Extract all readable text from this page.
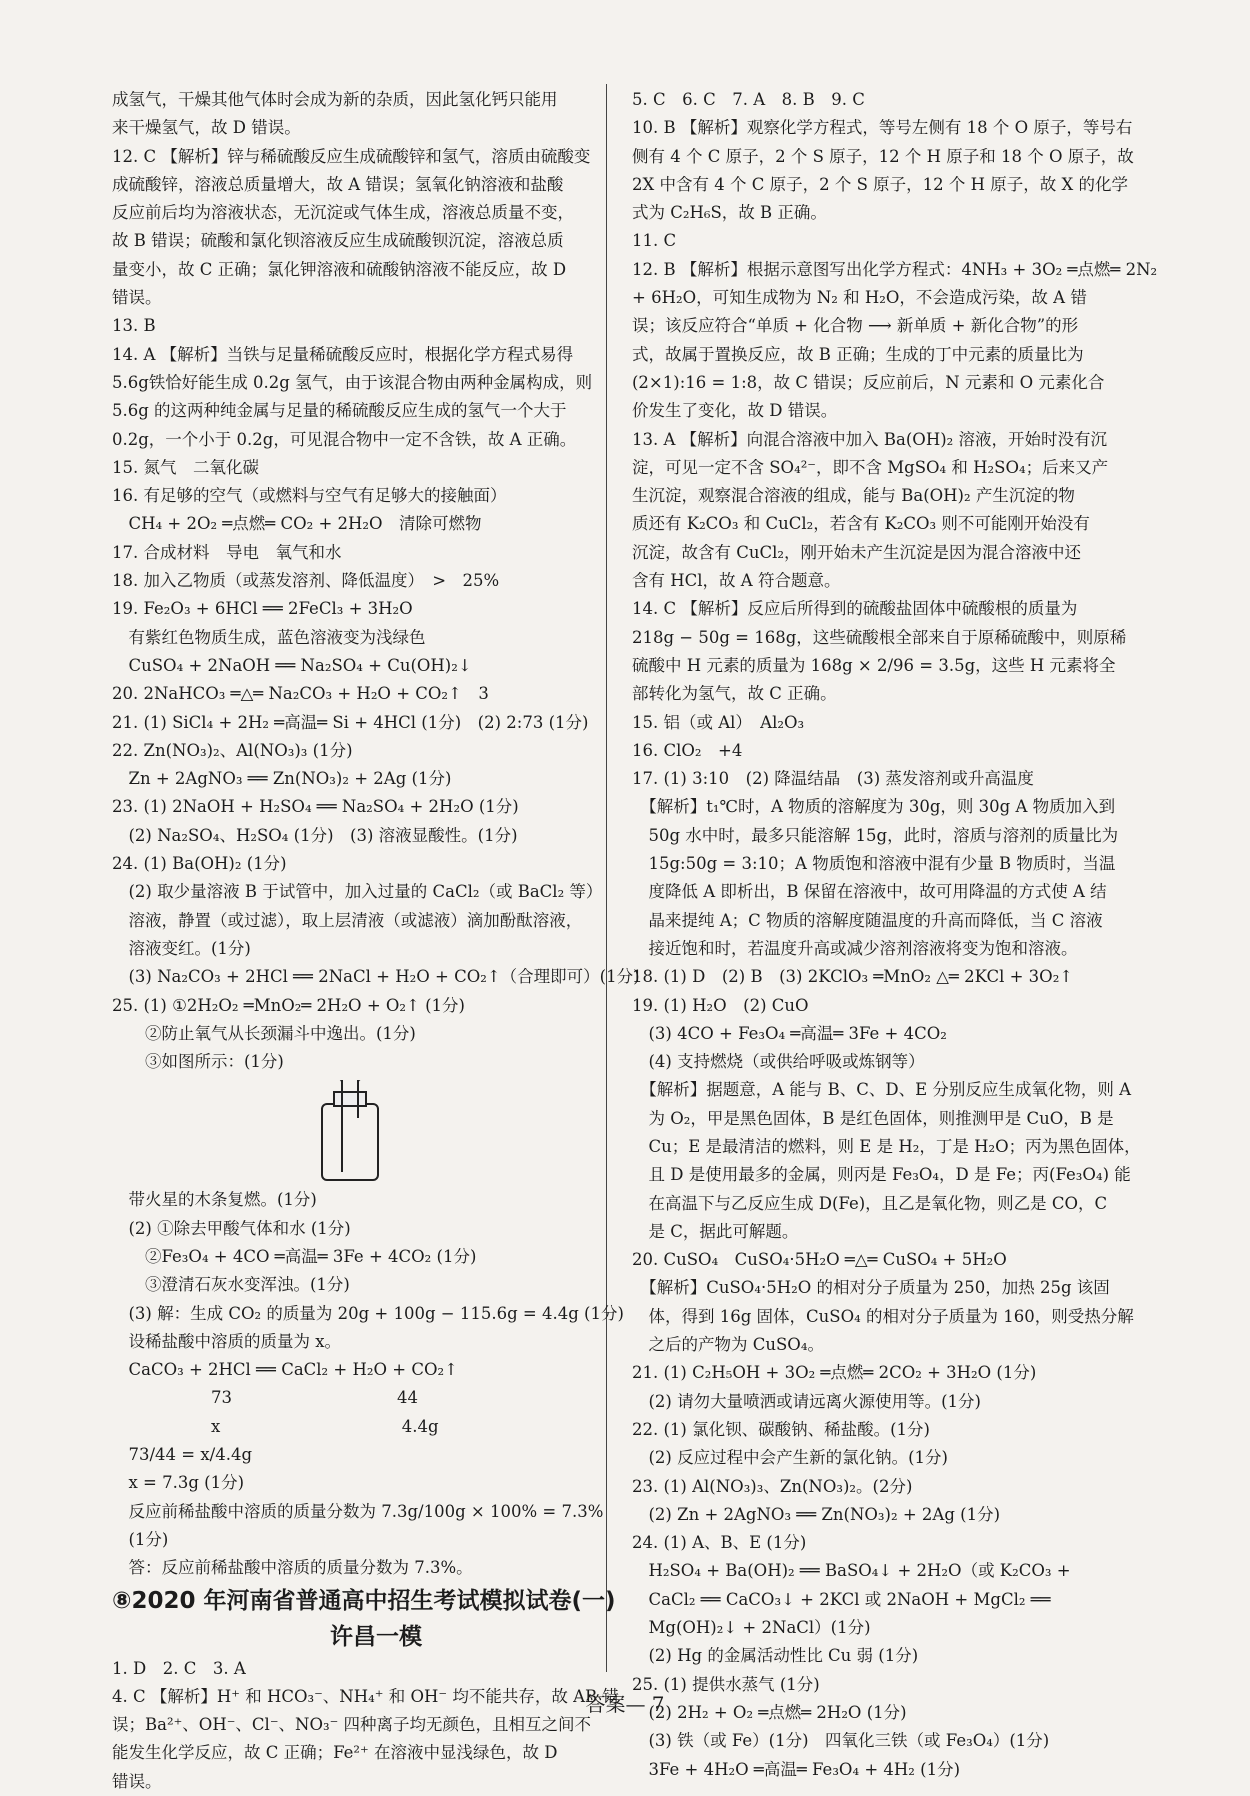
成氢气，干燥其他气体时会成为新的杂质，因此氢化钙只能用
来干燥氢气，故 D 错误。
12. C 【解析】锌与稀硫酸反应生成硫酸锌和氢气，溶质由硫酸变
成硫酸锌，溶液总质量增大，故 A 错误；氢氧化钠溶液和盐酸
反应前后均为溶液状态，无沉淀或气体生成，溶液总质量不变，
故 B 错误；硫酸和氯化钡溶液反应生成硫酸钡沉淀，溶液总质
量变小，故 C 正确；氯化钾溶液和硫酸钠溶液不能反应，故 D
错误。
13. B
14. A 【解析】当铁与足量稀硫酸反应时，根据化学方程式易得
5.6g铁恰好能生成 0.2g 氢气，由于该混合物由两种金属构成，则
5.6g 的这两种纯金属与足量的稀硫酸反应生成的氢气一个大于
0.2g，一个小于 0.2g，可见混合物中一定不含铁，故 A 正确。
15. 氮气　二氧化碳
16. 有足够的空气（或燃料与空气有足够大的接触面）
　CH₄ + 2O₂ ═点燃═ CO₂ + 2H₂O　清除可燃物
17. 合成材料　导电　氧气和水
18. 加入乙物质（或蒸发溶剂、降低温度）　>　25%
19. Fe₂O₃ + 6HCl ══ 2FeCl₃ + 3H₂O
　有紫红色物质生成，蓝色溶液变为浅绿色
　CuSO₄ + 2NaOH ══ Na₂SO₄ + Cu(OH)₂↓
20. 2NaHCO₃ ═△═ Na₂CO₃ + H₂O + CO₂↑　3
21. (1) SiCl₄ + 2H₂ ═高温═ Si + 4HCl (1分)　(2) 2:73 (1分)
22. Zn(NO₃)₂、Al(NO₃)₃ (1分)
　Zn + 2AgNO₃ ══ Zn(NO₃)₂ + 2Ag (1分)
23. (1) 2NaOH + H₂SO₄ ══ Na₂SO₄ + 2H₂O (1分)
　(2) Na₂SO₄、H₂SO₄ (1分)　(3) 溶液显酸性。(1分)
24. (1) Ba(OH)₂ (1分)
　(2) 取少量溶液 B 于试管中，加入过量的 CaCl₂（或 BaCl₂ 等）
　溶液，静置（或过滤），取上层清液（或滤液）滴加酚酞溶液，
　溶液变红。(1分)
　(3) Na₂CO₃ + 2HCl ══ 2NaCl + H₂O + CO₂↑（合理即可）(1分)
25. (1) ①2H₂O₂ ═MnO₂═ 2H₂O + O₂↑ (1分)
　　②防止氧气从长颈漏斗中逸出。(1分)
　　③如图所示：(1分)
　带火星的木条复燃。(1分)
　(2) ①除去甲酸气体和水 (1分)
　　②Fe₃O₄ + 4CO ═高温═ 3Fe + 4CO₂ (1分)
　　③澄清石灰水变浑浊。(1分)
　(3) 解：生成 CO₂ 的质量为 20g + 100g − 115.6g = 4.4g (1分)
　设稀盐酸中溶质的质量为 x。
　CaCO₃ + 2HCl ══ CaCl₂ + H₂O + CO₂↑
　　　　　　73　　　　　　　　　　44
　　　　　　x　　　　　　　　　　　4.4g
　73/44 = x/4.4g
　x = 7.3g (1分)
　反应前稀盐酸中溶质的质量分数为 7.3g/100g × 100% = 7.3%
　(1分)
　答：反应前稀盐酸中溶质的质量分数为 7.3%。
⑧2020 年河南省普通高中招生考试模拟试卷(一)
许昌一模
1. D　2. C　3. A
4. C 【解析】H⁺ 和 HCO₃⁻、NH₄⁺ 和 OH⁻ 均不能共存，故 AB 错
误；Ba²⁺、OH⁻、Cl⁻、NO₃⁻ 四种离子均无颜色，且相互之间不
能发生化学反应，故 C 正确；Fe²⁺ 在溶液中显浅绿色，故 D
错误。
5. C　6. C　7. A　8. B　9. C
10. B 【解析】观察化学方程式，等号左侧有 18 个 O 原子，等号右
侧有 4 个 C 原子，2 个 S 原子，12 个 H 原子和 18 个 O 原子，故
2X 中含有 4 个 C 原子，2 个 S 原子，12 个 H 原子，故 X 的化学
式为 C₂H₆S，故 B 正确。
11. C
12. B 【解析】根据示意图写出化学方程式：4NH₃ + 3O₂ ═点燃═ 2N₂
+ 6H₂O，可知生成物为 N₂ 和 H₂O，不会造成污染，故 A 错
误；该反应符合“单质 + 化合物 ⟶ 新单质 + 新化合物”的形
式，故属于置换反应，故 B 正确；生成的丁中元素的质量比为
(2×1):16 = 1:8，故 C 错误；反应前后，N 元素和 O 元素化合
价发生了变化，故 D 错误。
13. A 【解析】向混合溶液中加入 Ba(OH)₂ 溶液，开始时没有沉
淀，可见一定不含 SO₄²⁻，即不含 MgSO₄ 和 H₂SO₄；后来又产
生沉淀，观察混合溶液的组成，能与 Ba(OH)₂ 产生沉淀的物
质还有 K₂CO₃ 和 CuCl₂，若含有 K₂CO₃ 则不可能刚开始没有
沉淀，故含有 CuCl₂，刚开始未产生沉淀是因为混合溶液中还
含有 HCl，故 A 符合题意。
14. C 【解析】反应后所得到的硫酸盐固体中硫酸根的质量为
218g − 50g = 168g，这些硫酸根全部来自于原稀硫酸中，则原稀
硫酸中 H 元素的质量为 168g × 2/96 = 3.5g，这些 H 元素将全
部转化为氢气，故 C 正确。
15. 铝（或 Al）　Al₂O₃
16. ClO₂　+4
17. (1) 3:10　(2) 降温结晶　(3) 蒸发溶剂或升高温度
　【解析】t₁℃时，A 物质的溶解度为 30g，则 30g A 物质加入到
　50g 水中时，最多只能溶解 15g，此时，溶质与溶剂的质量比为
　15g:50g = 3:10；A 物质饱和溶液中混有少量 B 物质时，当温
　度降低 A 即析出，B 保留在溶液中，故可用降温的方式使 A 结
　晶来提纯 A；C 物质的溶解度随温度的升高而降低，当 C 溶液
　接近饱和时，若温度升高或减少溶剂溶液将变为饱和溶液。
18. (1) D　(2) B　(3) 2KClO₃ ═MnO₂ △═ 2KCl + 3O₂↑
19. (1) H₂O　(2) CuO
　(3) 4CO + Fe₃O₄ ═高温═ 3Fe + 4CO₂
　(4) 支持燃烧（或供给呼吸或炼钢等）
　【解析】据题意，A 能与 B、C、D、E 分别反应生成氧化物，则 A
　为 O₂，甲是黑色固体，B 是红色固体，则推测甲是 CuO，B 是
　Cu；E 是最清洁的燃料，则 E 是 H₂，丁是 H₂O；丙为黑色固体，
　且 D 是使用最多的金属，则丙是 Fe₃O₄，D 是 Fe；丙(Fe₃O₄) 能
　在高温下与乙反应生成 D(Fe)，且乙是氧化物，则乙是 CO，C
　是 C，据此可解题。
20. CuSO₄　CuSO₄·5H₂O ═△═ CuSO₄ + 5H₂O
　【解析】CuSO₄·5H₂O 的相对分子质量为 250，加热 25g 该固
　体，得到 16g 固体，CuSO₄ 的相对分子质量为 160，则受热分解
　之后的产物为 CuSO₄。
21. (1) C₂H₅OH + 3O₂ ═点燃═ 2CO₂ + 3H₂O (1分)
　(2) 请勿大量喷洒或请远离火源使用等。(1分)
22. (1) 氯化钡、碳酸钠、稀盐酸。(1分)
　(2) 反应过程中会产生新的氯化钠。(1分)
23. (1) Al(NO₃)₃、Zn(NO₃)₂。(2分)
　(2) Zn + 2AgNO₃ ══ Zn(NO₃)₂ + 2Ag (1分)
24. (1) A、B、E (1分)
　H₂SO₄ + Ba(OH)₂ ══ BaSO₄↓ + 2H₂O（或 K₂CO₃ +
　CaCl₂ ══ CaCO₃↓ + 2KCl 或 2NaOH + MgCl₂ ══
　Mg(OH)₂↓ + 2NaCl）(1分)
　(2) Hg 的金属活动性比 Cu 弱 (1分)
25. (1) 提供水蒸气 (1分)
　(2) 2H₂ + O₂ ═点燃═ 2H₂O (1分)
　(3) 铁（或 Fe）(1分)　四氧化三铁（或 Fe₃O₄）(1分)
　3Fe + 4H₂O ═高温═ Fe₃O₄ + 4H₂ (1分)
答案— 7
